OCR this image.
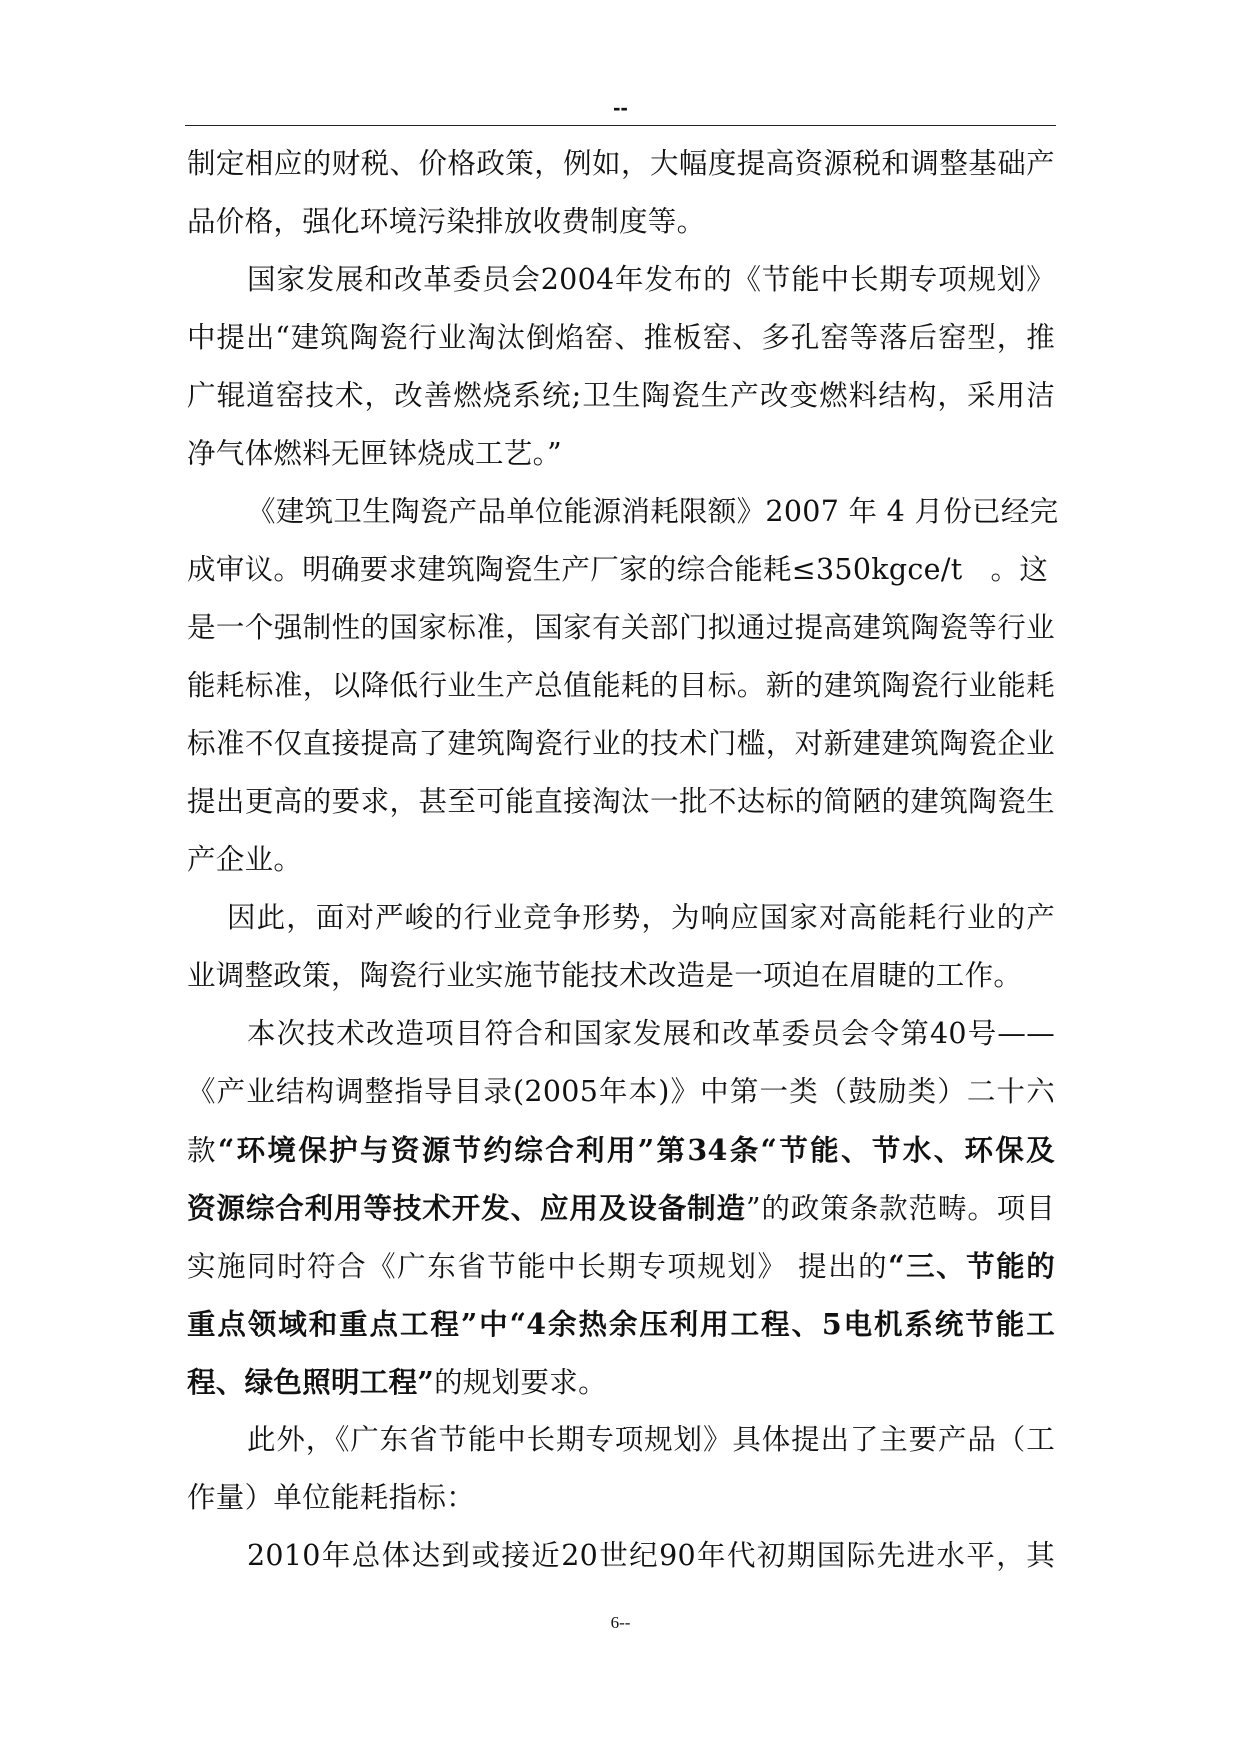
--
制定相应的财税、价格政策，例如，大幅度提高资源税和调整基础产
品价格，强化环境污染排放收费制度等。
国家发展和改革委员会2004年发布的《节能中长期专项规划》
中提出“建筑陶瓷行业淘汰倒焰窑、推板窑、多孔窑等落后窑型，推
广辊道窑技术，改善燃烧系统;卫生陶瓷生产改变燃料结构，采用洁
净气体燃料无匣钵烧成工艺。”
《建筑卫生陶瓷产品单位能源消耗限额》2007 年 4 月份已经完
成审议。明确要求建筑陶瓷生产厂家的综合能耗≤350kgce/t   。这
是一个强制性的国家标准，国家有关部门拟通过提高建筑陶瓷等行业
能耗标准，以降低行业生产总值能耗的目标。新的建筑陶瓷行业能耗
标准不仅直接提高了建筑陶瓷行业的技术门槛，对新建建筑陶瓷企业
提出更高的要求，甚至可能直接淘汰一批不达标的简陋的建筑陶瓷生
产企业。
因此，面对严峻的行业竞争形势，为响应国家对高能耗行业的产
业调整政策，陶瓷行业实施节能技术改造是一项迫在眉睫的工作。
本次技术改造项目符合和国家发展和改革委员会令第40号——
《产业结构调整指导目录(2005年本)》中第一类（鼓励类）二十六
款“环境保护与资源节约综合利用”第34条“节能、节水、环保及
资源综合利用等技术开发、应用及设备制造”的政策条款范畴。项目
实施同时符合《广东省节能中长期专项规划》 提出的“三、节能的
重点领域和重点工程”中“4余热余压利用工程、5电机系统节能工
程、绿色照明工程”的规划要求。
此外，《广东省节能中长期专项规划》具体提出了主要产品（工
作量）单位能耗指标：
2010年总体达到或接近20世纪90年代初期国际先进水平，其
6--
